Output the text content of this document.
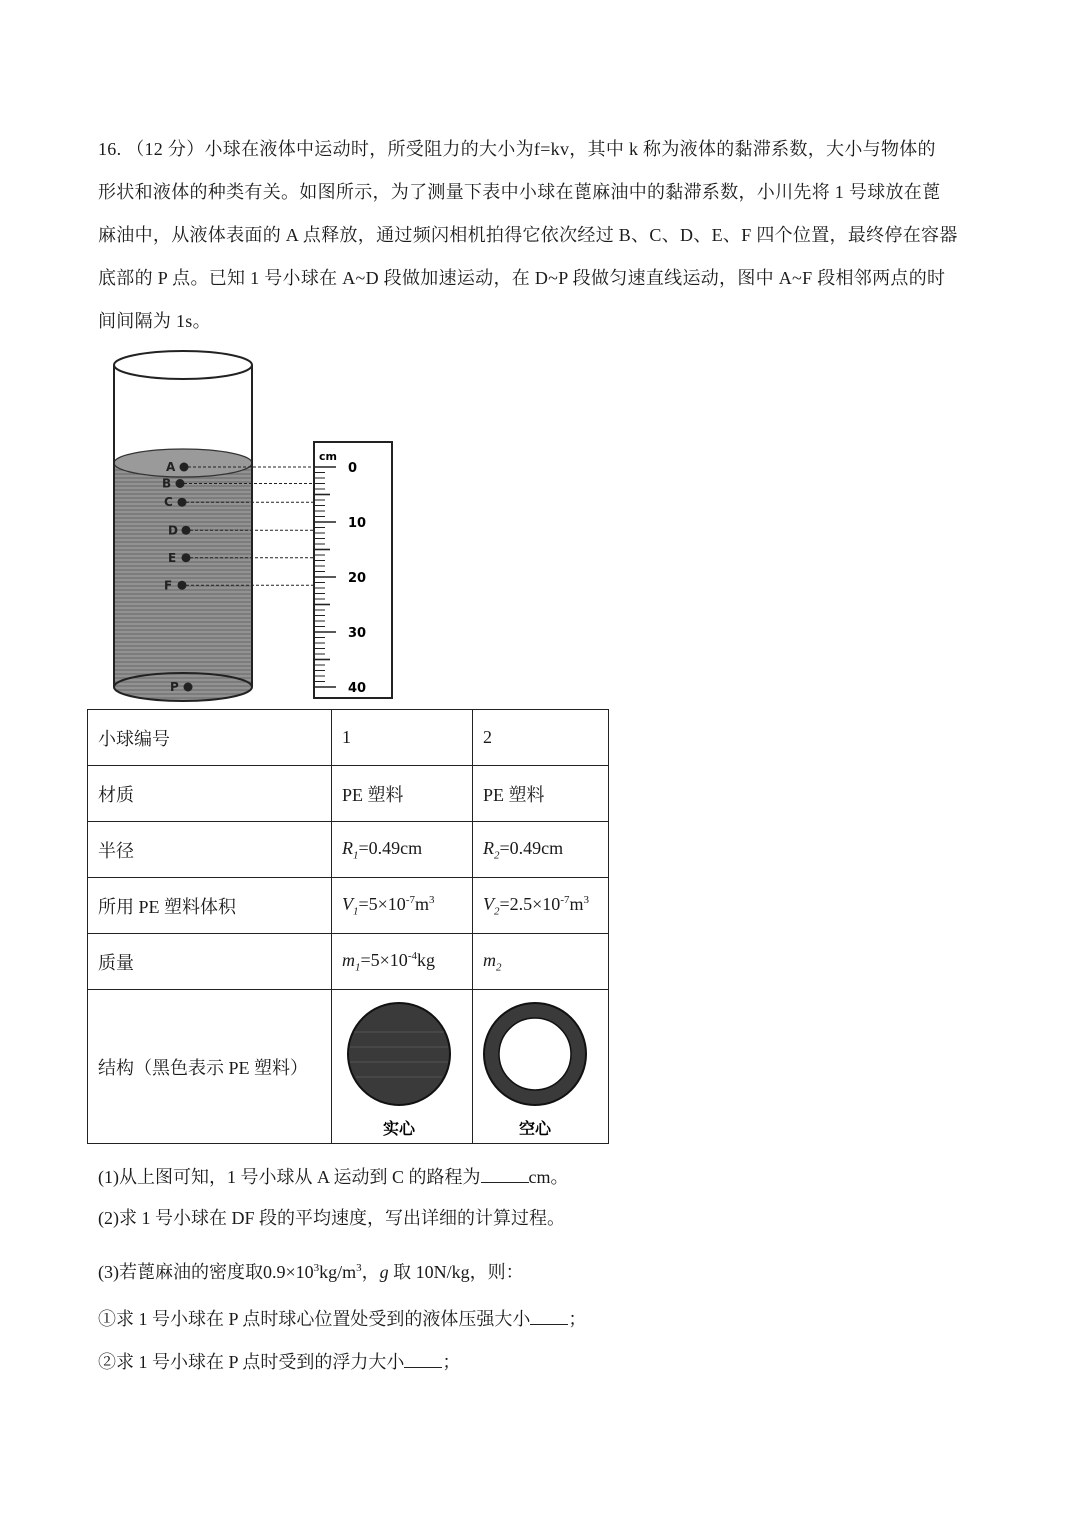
16. （12 分）小球在液体中运动时，所受阻力的大小为f=kv，其中 k 称为液体的黏滞系数，大小与物体的

形状和液体的种类有关。如图所示，为了测量下表中小球在蓖麻油中的黏滞系数，小川先将 1 号球放在蓖

麻油中，从液体表面的 A 点释放，通过频闪相机拍得它依次经过 B、C、D、E、F 四个位置，最终停在容器

底部的 P 点。已知 1 号小球在 A~D 段做加速运动，在 D~P 段做匀速直线运动，图中 A~F 段相邻两点的时

间间隔为 1s。

cm
0
10
20
30
40
A
B
C
D
E
F
P
小球编号	1	2
材质	PE 塑料	PE 塑料
半径	$R_1=0.49cm$	$R_2=0.49cm$
所用 PE 塑料体积	$V_1=5\times 10^{-7}m^3$	$V_2=2.5\times 10^{-7}m^3$
质量	$m_1=5\times 10^{-4}kg$	$m_2$
结构（黑色表示 PE 塑料）	实心	空心
(1)从上图可知，1 号小球从 A 运动到 C 的路程为	cm。
(2)求 1 号小球在 DF 段的平均速度，写出详细的计算过程。
(3)若蓖麻油的密度取$0.9\times 10^3kg/m^3$，g 取 10N/kg，则：
①求 1 号小球在 P 点时球心位置处受到的液体压强大小 ；
②求 1 号小球在 P 点时受到的浮力大小 ；
